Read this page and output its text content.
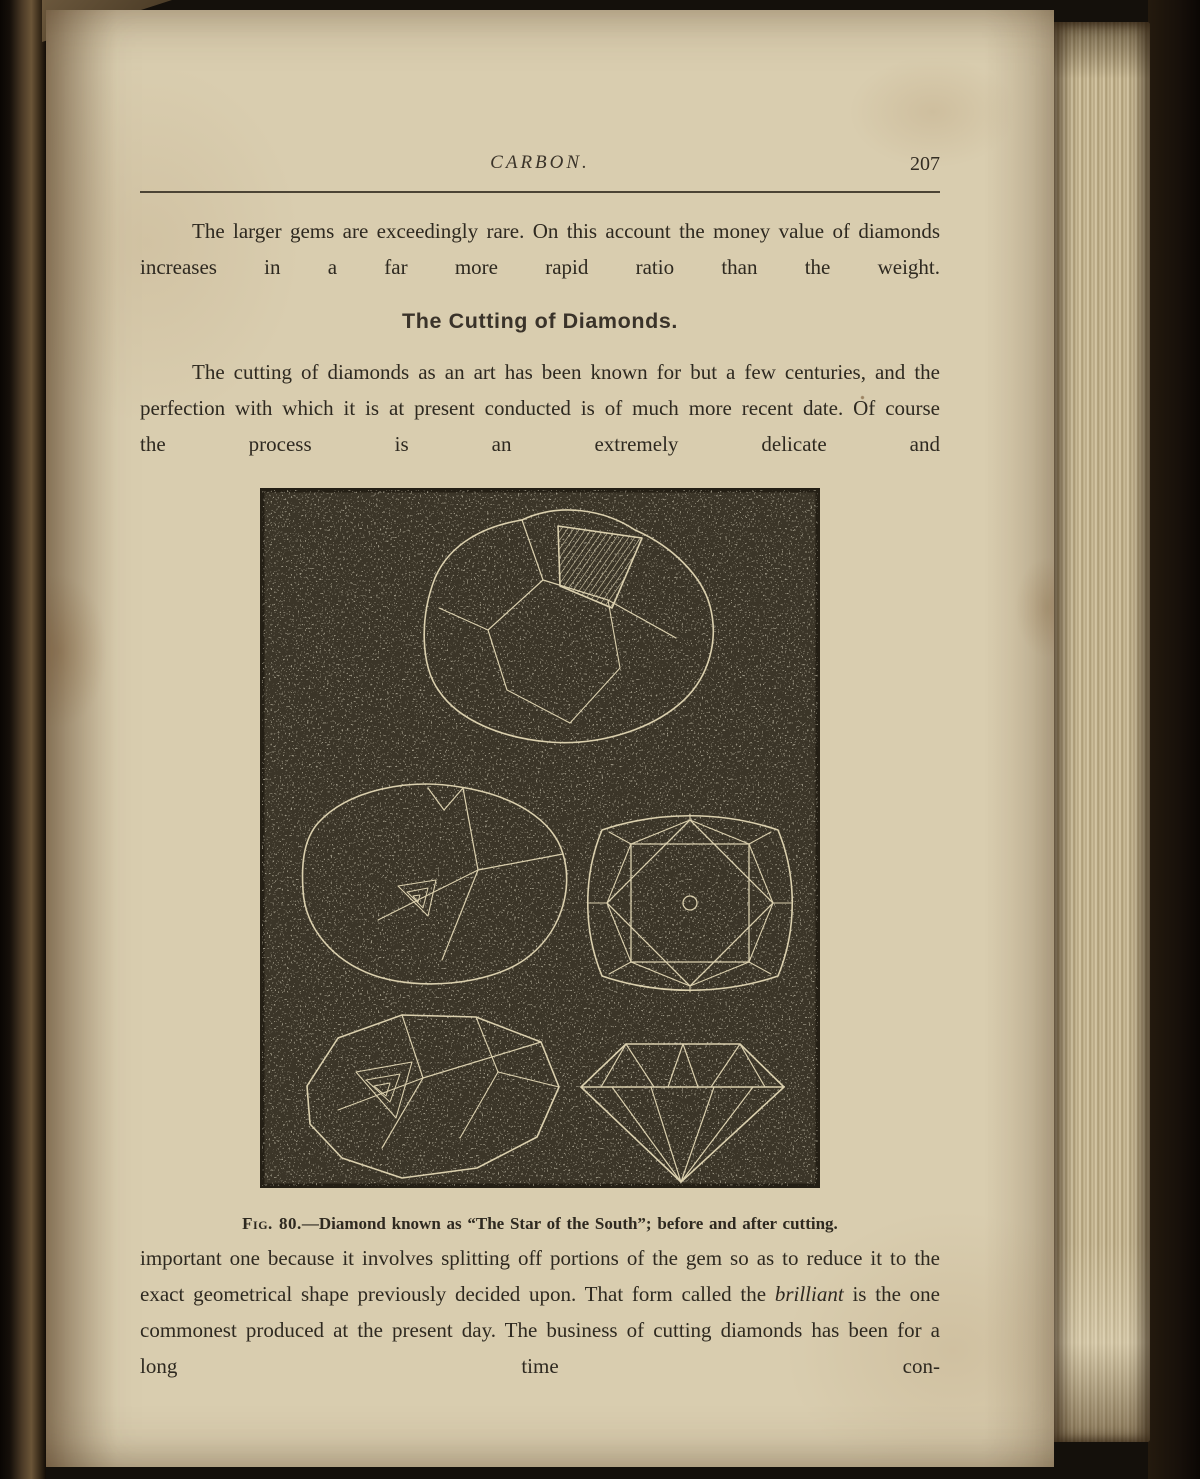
CARBON.	207

The larger gems are exceedingly rare. On this account the money value of diamonds increases in a far more rapid ratio than the weight.

The Cutting of Diamonds.

The cutting of diamonds as an art has been known for but a few centuries, and the perfection with which it is at present conducted is of much more recent date. Of course the process is an extremely delicate and

Fig. 80.—Diamond known as “The Star of the South”; before and after cutting.

important one because it involves splitting off portions of the gem so as to reduce it to the exact geometrical shape previously decided upon. That form called the brilliant is the one commonest produced at the present day. The business of cutting diamonds has been for a long time con-
